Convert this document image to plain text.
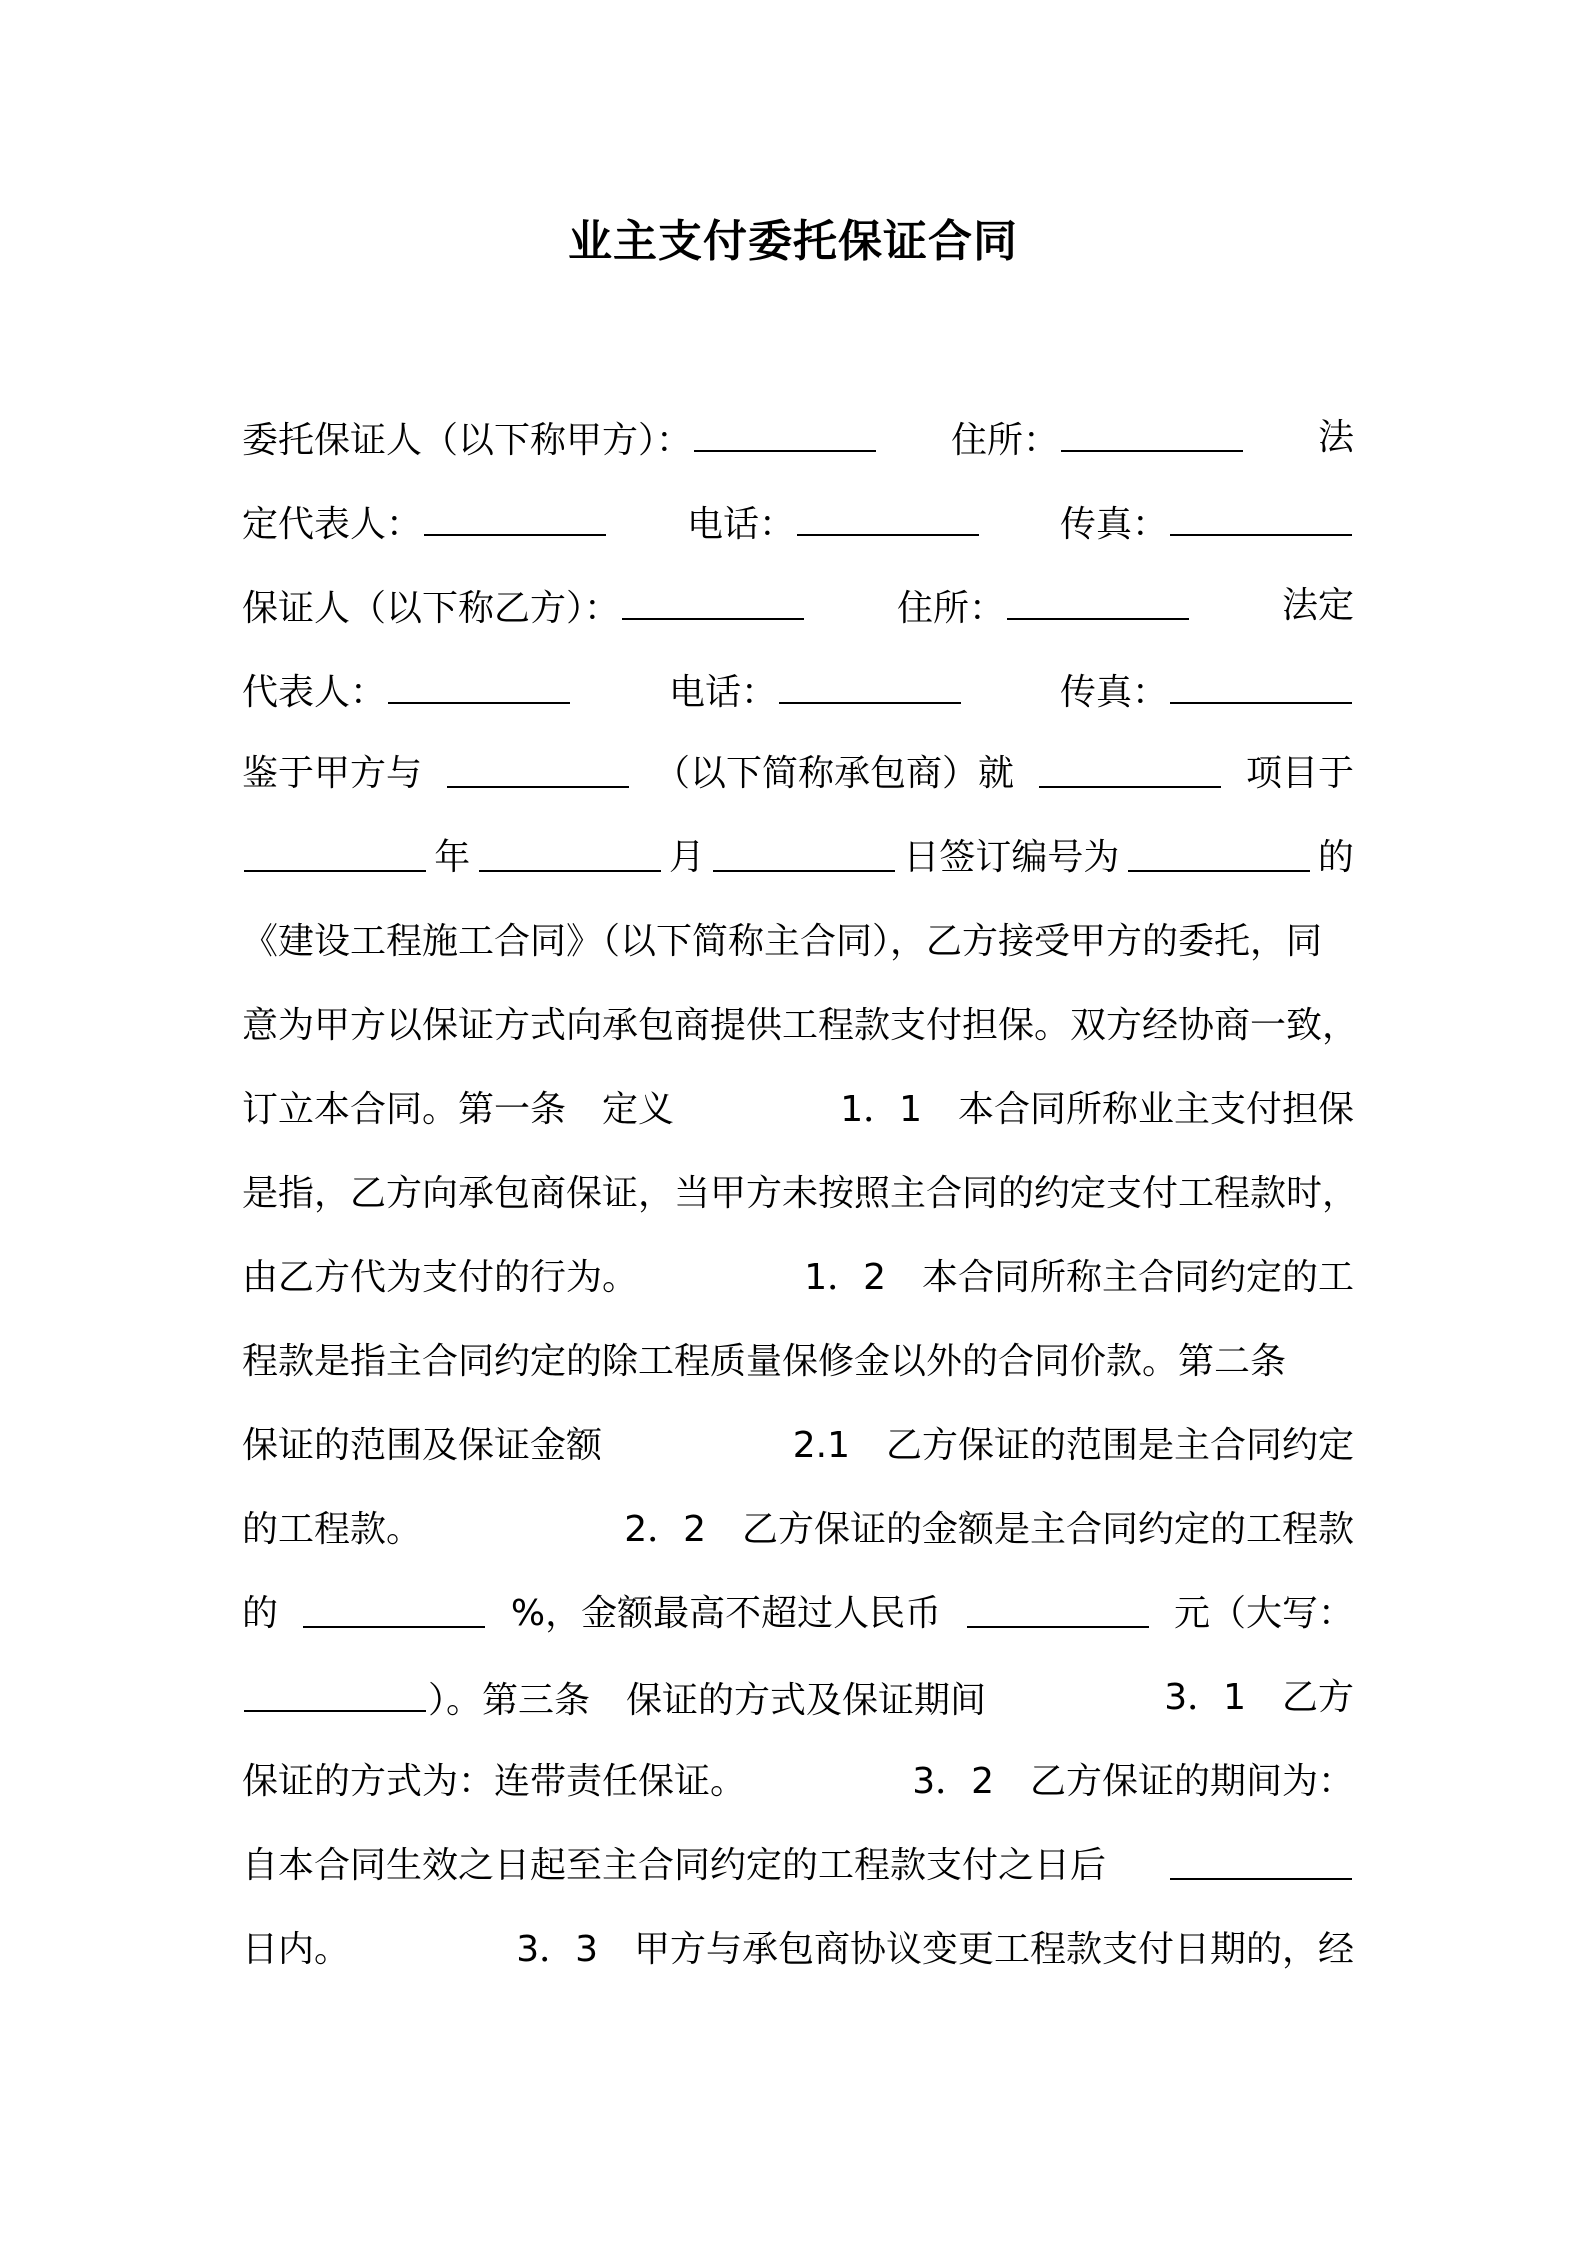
业主支付委托保证合同
委托保证人（以下称甲方）：	住所：	法
定代表人：	电话：	传真：
保证人（以下称乙方）：	住所：	法定
代表人：	电话：	传真：
鉴于甲方与	（以下简称承包商）就	项目于
年	月	日签订编号为	的
《建设工程施工合同》（以下简称主合同），乙方接受甲方的委托，同
意为甲方以保证方式向承包商提供工程款支付担保。双方经协商一致，
订立本合同。第一条　定义	1．1　本合同所称业主支付担保
是指，乙方向承包商保证，当甲方未按照主合同的约定支付工程款时，
由乙方代为支付的行为。	1．2　本合同所称主合同约定的工
程款是指主合同约定的除工程质量保修金以外的合同价款。第二条
保证的范围及保证金额	2.1　乙方保证的范围是主合同约定
的工程款。	2．2　乙方保证的金额是主合同约定的工程款
的	%，金额最高不超过人民币	元（大写：
）。第三条　保证的方式及保证期间	3．1　乙方
保证的方式为：连带责任保证。	3．2　乙方保证的期间为：
自本合同生效之日起至主合同约定的工程款支付之日后
日内。	3．3　甲方与承包商协议变更工程款支付日期的，经
